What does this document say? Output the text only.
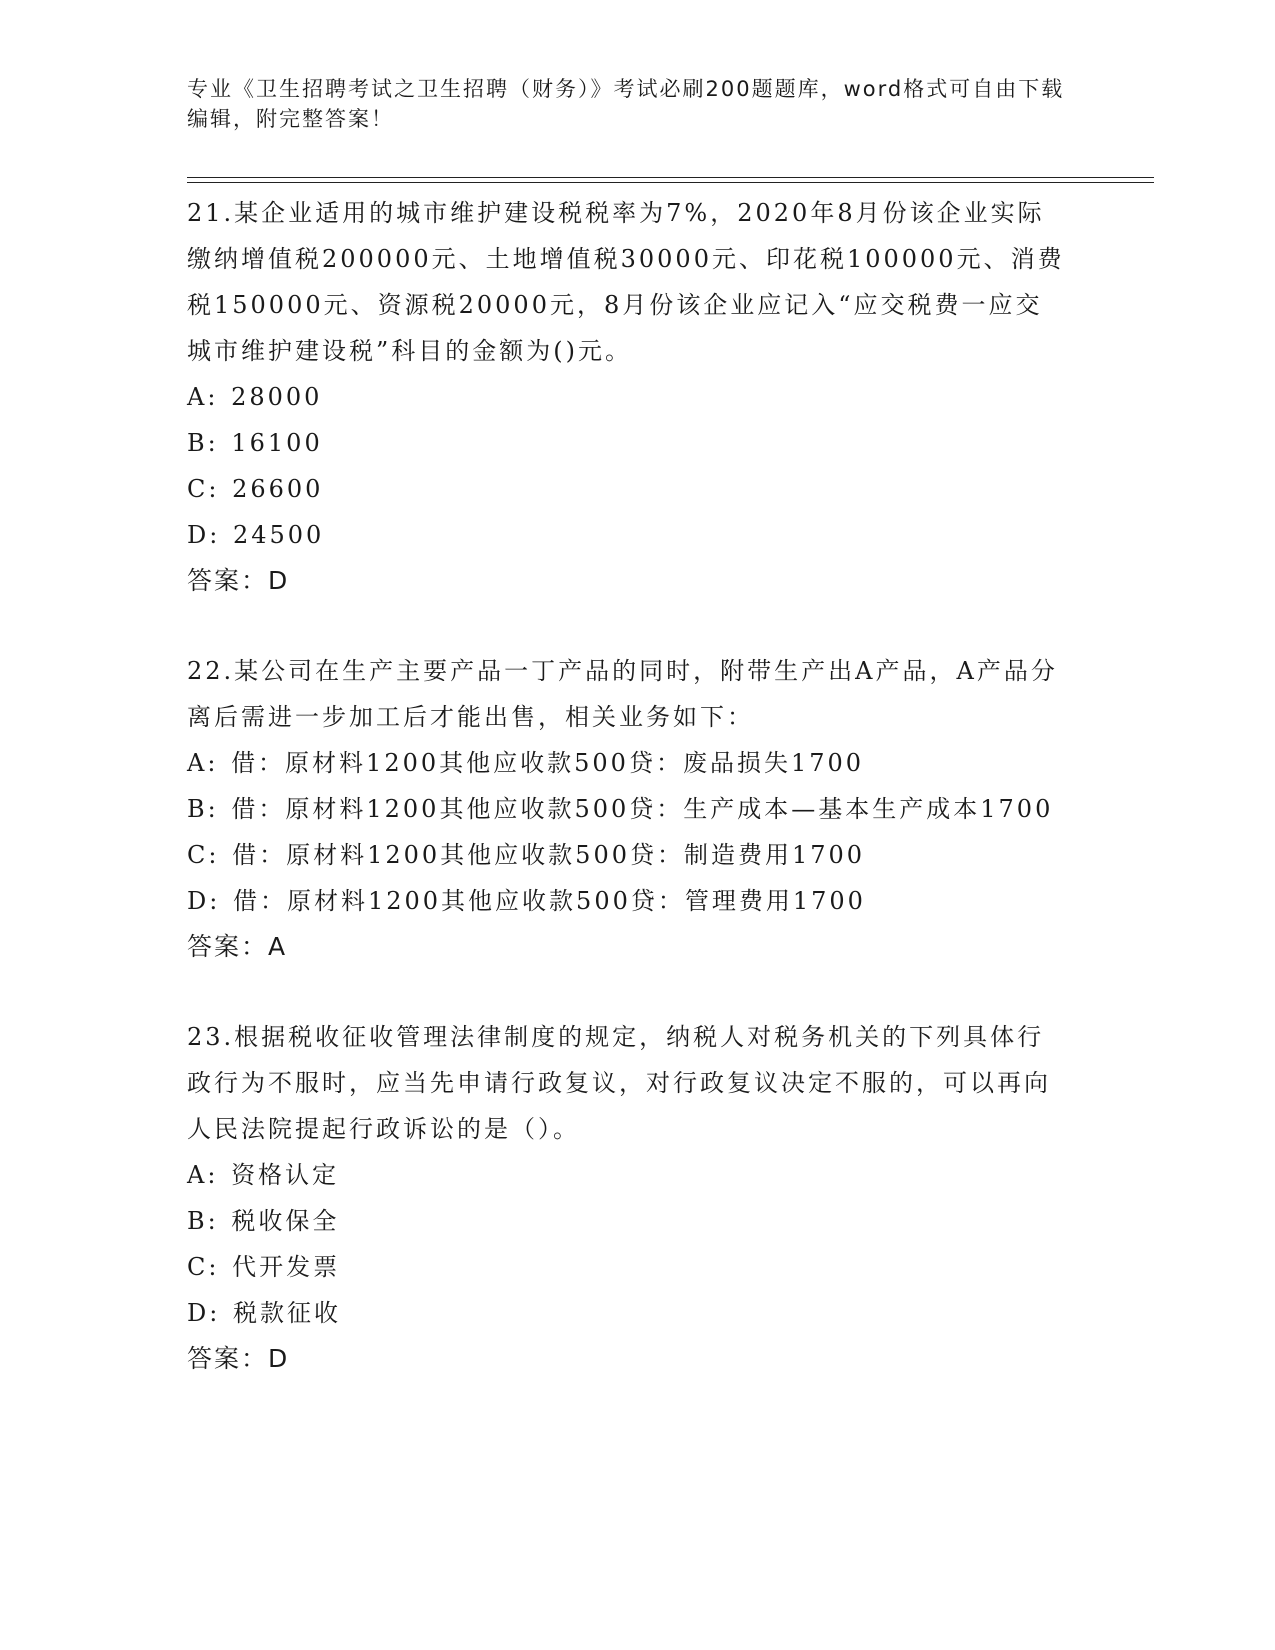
专业《卫生招聘考试之卫生招聘（财务）》考试必刷200题题库，word格式可自由下载编辑，附完整答案！
21.某企业适用的城市维护建设税税率为7%，2020年8月份该企业实际缴纳增值税200000元、土地增值税30000元、印花税100000元、消费税150000元、资源税20000元，8月份该企业应记入“应交税费一应交城市维护建设税”科目的金额为()元。
A: 28000
B: 16100
C: 26600
D: 24500
答案：D
22.某公司在生产主要产品一丁产品的同时，附带生产出A产品，A产品分离后需进一步加工后才能出售，相关业务如下：
A: 借：原材料1200其他应收款500贷：废品损失1700
B: 借：原材料1200其他应收款500贷：生产成本—基本生产成本1700
C: 借：原材料1200其他应收款500贷：制造费用1700
D: 借：原材料1200其他应收款500贷：管理费用1700
答案：A
23.根据税收征收管理法律制度的规定，纳税人对税务机关的下列具体行政行为不服时，应当先申请行政复议，对行政复议决定不服的，可以再向人民法院提起行政诉讼的是（）。
A: 资格认定
B: 税收保全
C: 代开发票
D: 税款征收
答案：D
